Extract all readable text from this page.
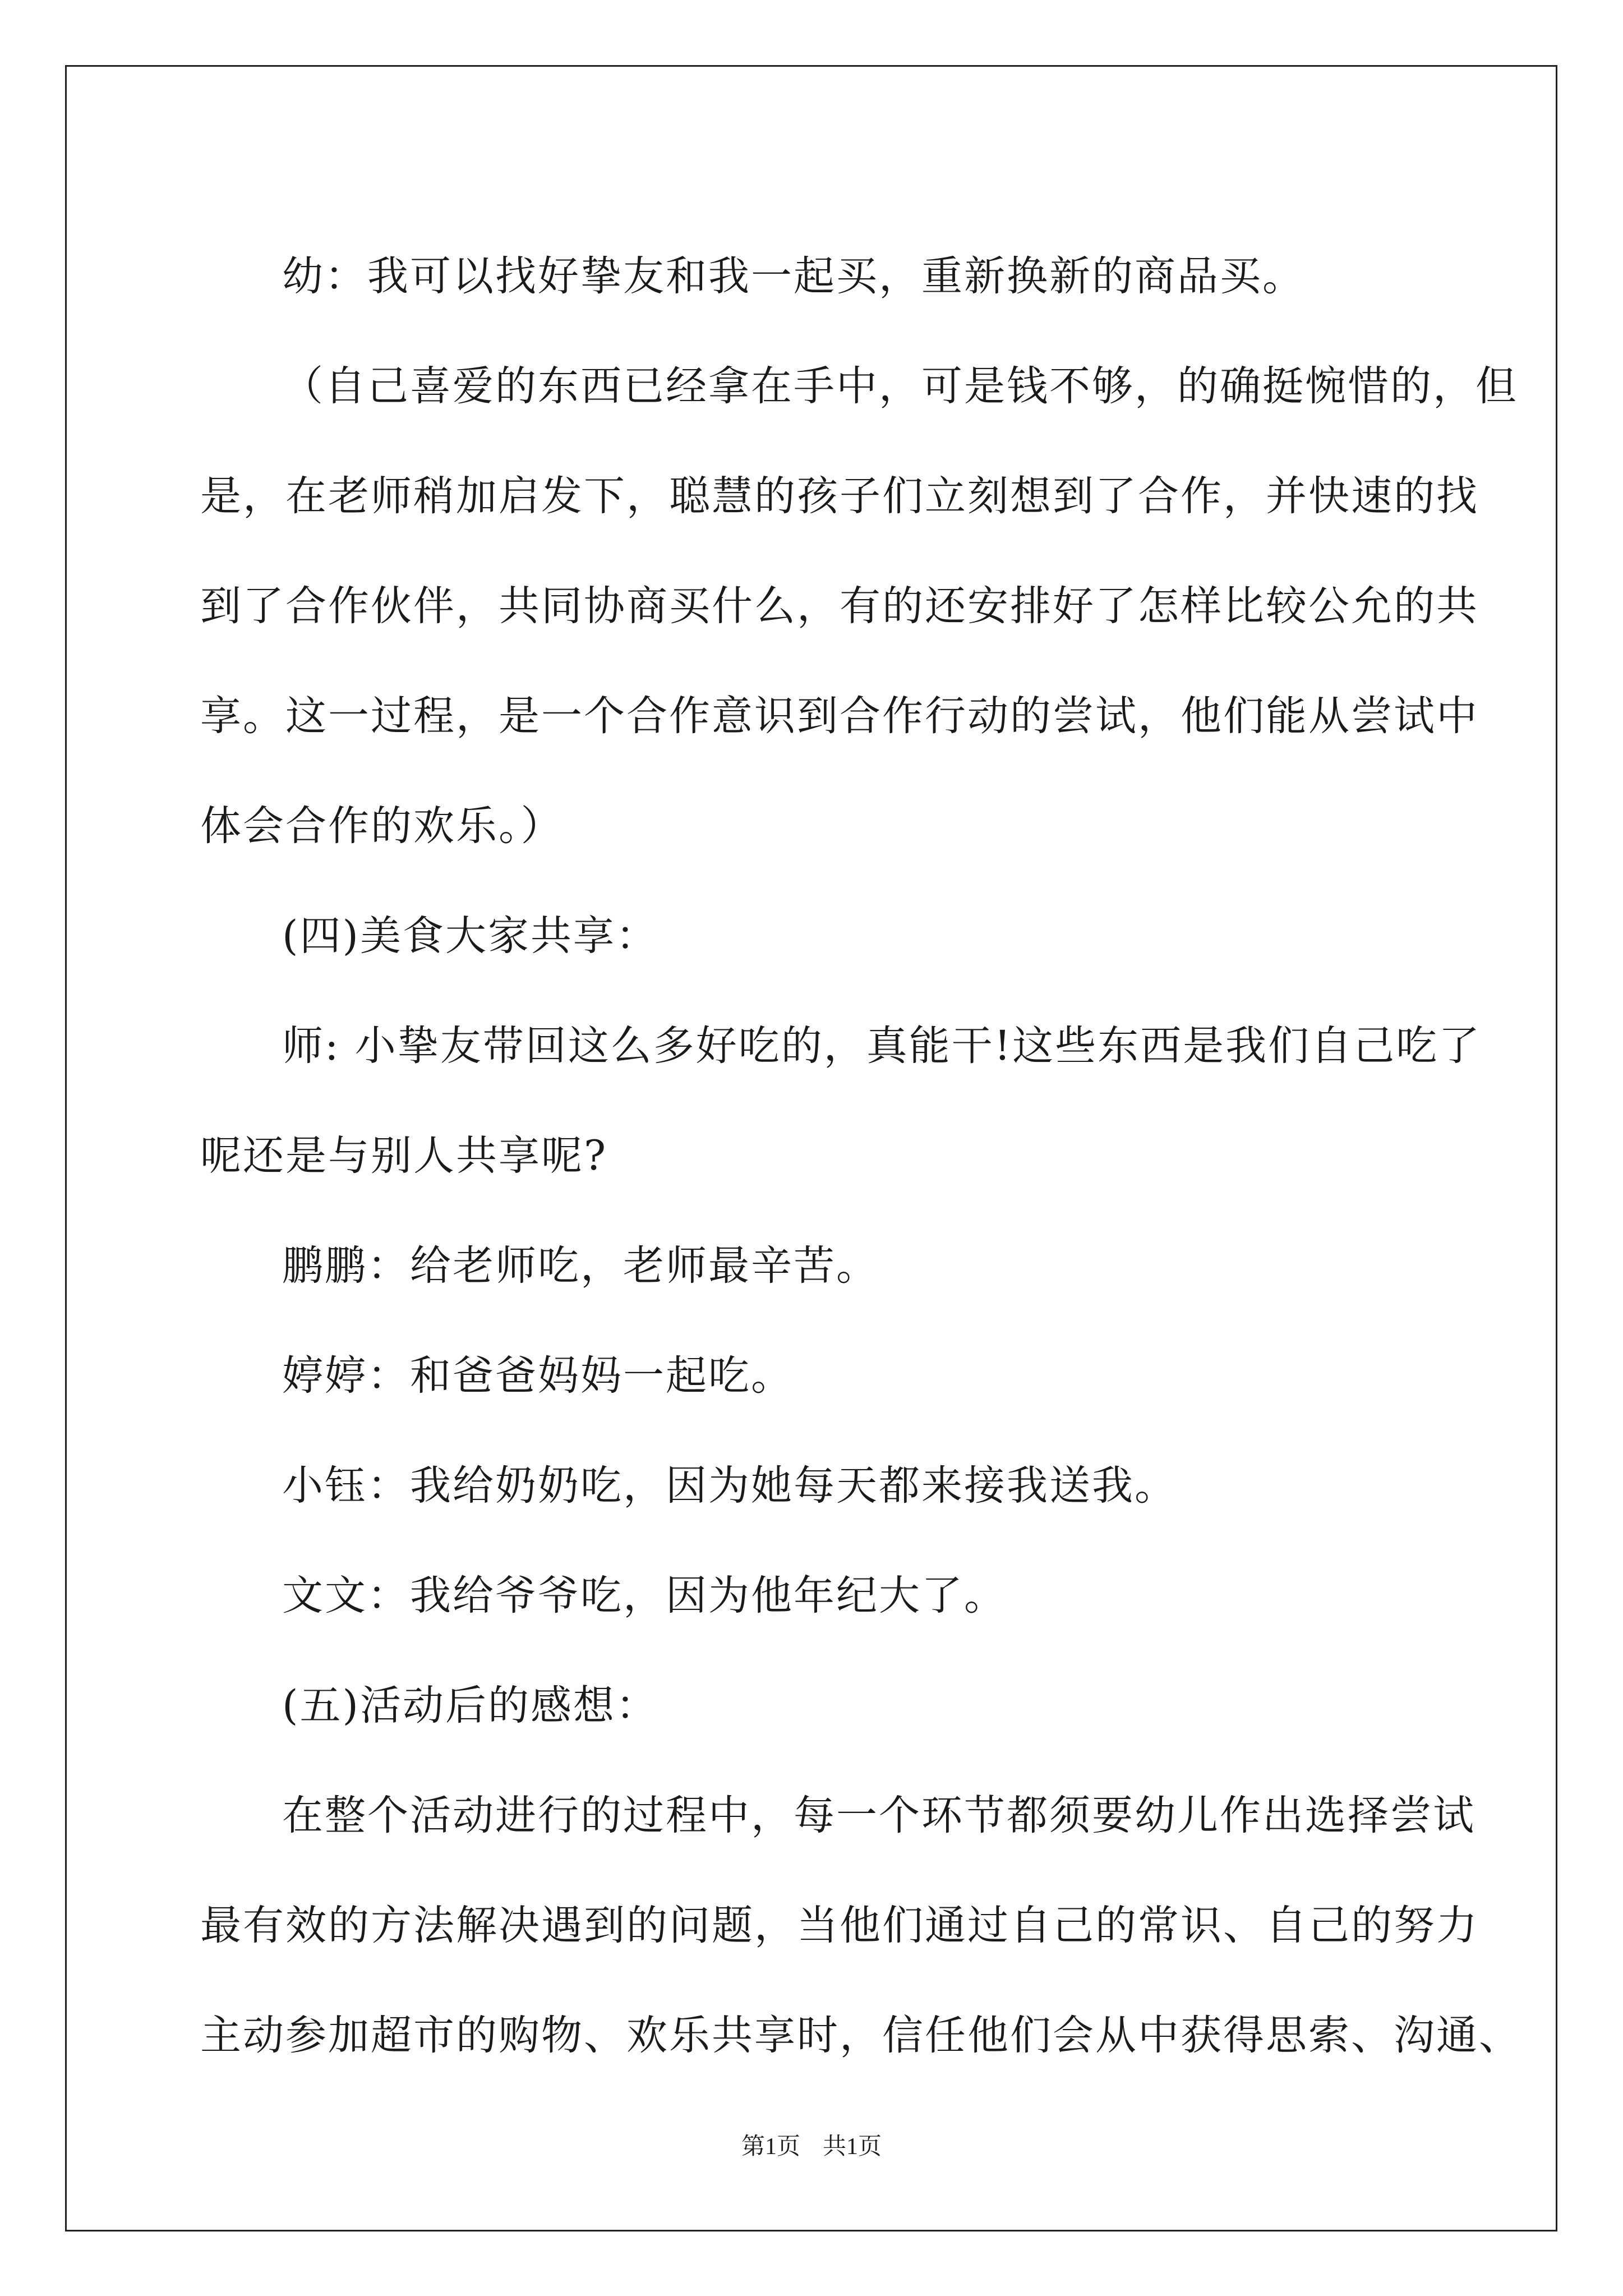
幼：我可以找好挚友和我一起买，重新换新的商品买。

（自己喜爱的东西已经拿在手中，可是钱不够，的确挺惋惜的，但

是，在老师稍加启发下，聪慧的孩子们立刻想到了合作，并快速的找

到了合作伙伴，共同协商买什么，有的还安排好了怎样比较公允的共

享。这一过程，是一个合作意识到合作行动的尝试，他们能从尝试中

体会合作的欢乐。）

(四)美食大家共享：

师: 小挚友带回这么多好吃的，真能干!这些东西是我们自己吃了

呢还是与别人共享呢?

鹏鹏：给老师吃，老师最辛苦。

婷婷：和爸爸妈妈一起吃。

小钰：我给奶奶吃，因为她每天都来接我送我。

文文：我给爷爷吃，因为他年纪大了。

(五)活动后的感想：

在整个活动进行的过程中，每一个环节都须要幼儿作出选择尝试

最有效的方法解决遇到的问题，当他们通过自己的常识、自己的努力

主动参加超市的购物、欢乐共享时，信任他们会从中获得思索、沟通、

第1页 共1页
